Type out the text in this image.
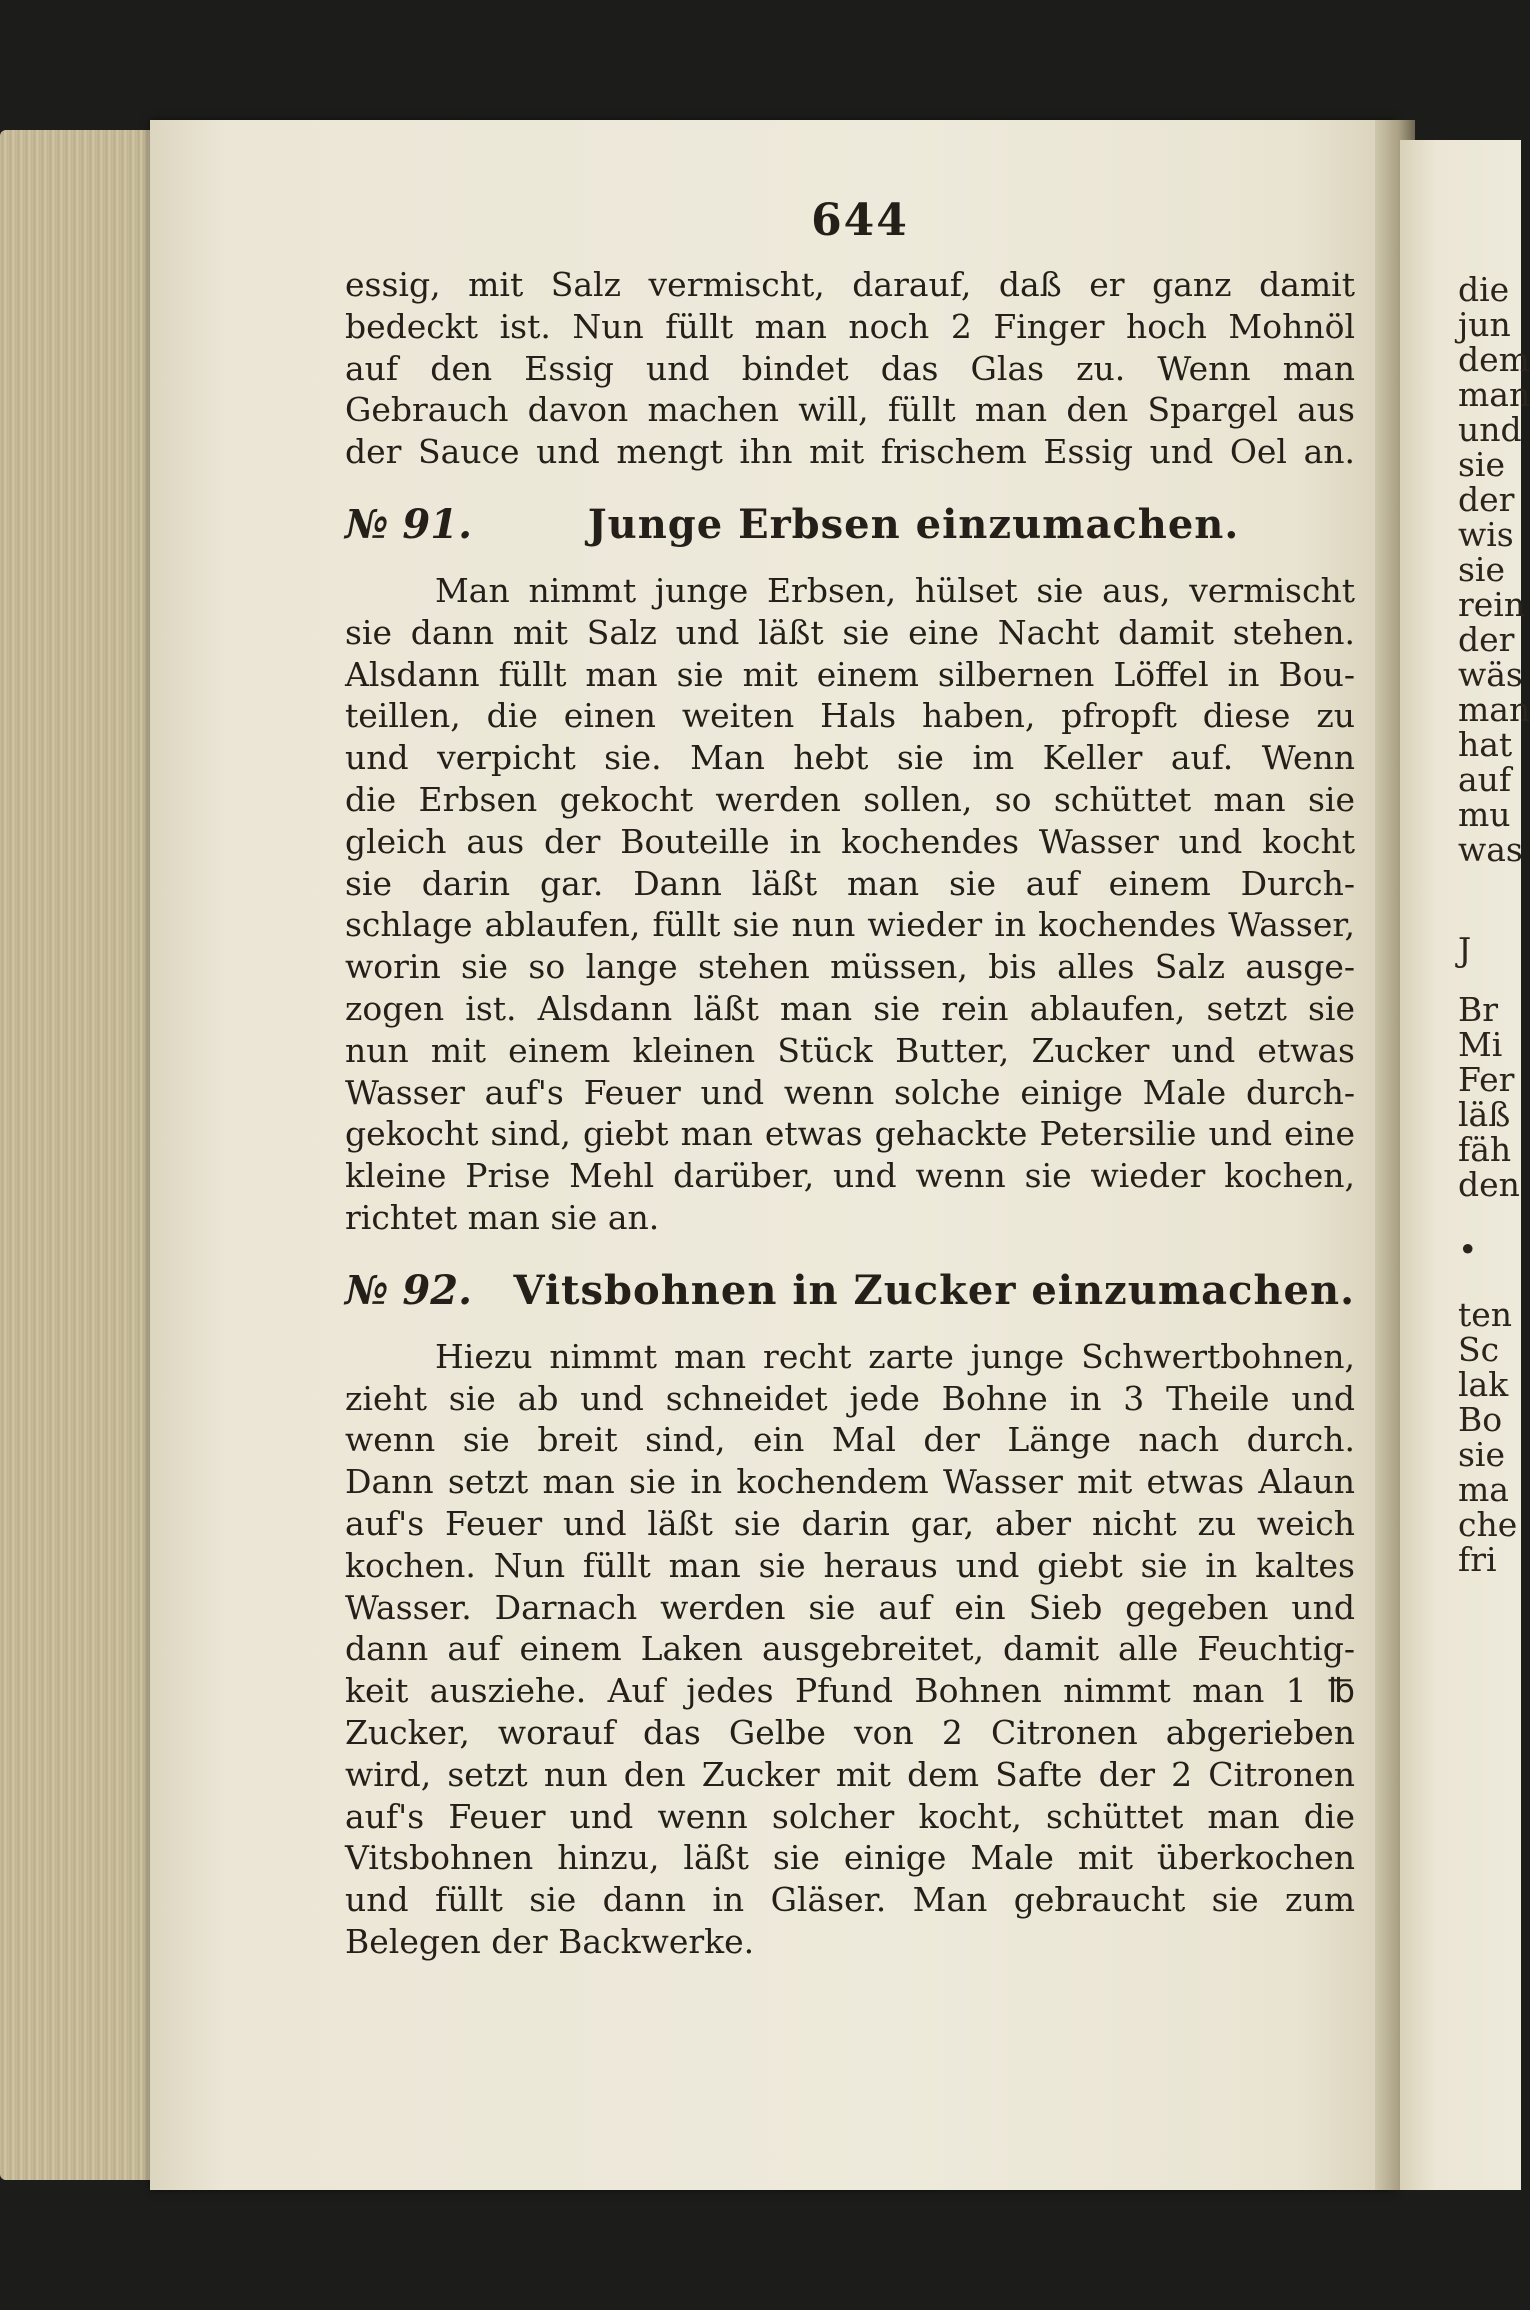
die
jun
dem
man
und
sie
der
wis
sie
rein
der
wäs
man
hat
auf
mu
was
J
Br
Mi
Fer
läß
fäh
den
•
ten
Sc
lak
Bo
sie
ma
che
fri
644

essig, mit Salz vermischt, darauf, daß er ganz damit

bedeckt ist. Nun füllt man noch 2 Finger hoch Mohnöl

auf den Essig und bindet das Glas zu. Wenn man

Gebrauch davon machen will, füllt man den Spargel aus

der Sauce und mengt ihn mit frischem Essig und Oel an.

№ 91.	Junge Erbsen einzumachen.

Man nimmt junge Erbsen, hülset sie aus, vermischt

sie dann mit Salz und läßt sie eine Nacht damit stehen.

Alsdann füllt man sie mit einem silbernen Löffel in Bou-

teillen, die einen weiten Hals haben, pfropft diese zu

und verpicht sie. Man hebt sie im Keller auf. Wenn

die Erbsen gekocht werden sollen, so schüttet man sie

gleich aus der Bouteille in kochendes Wasser und kocht

sie darin gar. Dann läßt man sie auf einem Durch-

schlage ablaufen, füllt sie nun wieder in kochendes Wasser,

worin sie so lange stehen müssen, bis alles Salz ausge-

zogen ist. Alsdann läßt man sie rein ablaufen, setzt sie

nun mit einem kleinen Stück Butter, Zucker und etwas

Wasser auf's Feuer und wenn solche einige Male durch-

gekocht sind, giebt man etwas gehackte Petersilie und eine

kleine Prise Mehl darüber, und wenn sie wieder kochen,

richtet man sie an.

№ 92.	Vitsbohnen in Zucker einzumachen.

Hiezu nimmt man recht zarte junge Schwertbohnen,

zieht sie ab und schneidet jede Bohne in 3 Theile und

wenn sie breit sind, ein Mal der Länge nach durch.

Dann setzt man sie in kochendem Wasser mit etwas Alaun

auf's Feuer und läßt sie darin gar, aber nicht zu weich

kochen. Nun füllt man sie heraus und giebt sie in kaltes

Wasser. Darnach werden sie auf ein Sieb gegeben und

dann auf einem Laken ausgebreitet, damit alle Feuchtig-

keit ausziehe. Auf jedes Pfund Bohnen nimmt man 1 ℔

Zucker, worauf das Gelbe von 2 Citronen abgerieben

wird, setzt nun den Zucker mit dem Safte der 2 Citronen

auf's Feuer und wenn solcher kocht, schüttet man die

Vitsbohnen hinzu, läßt sie einige Male mit überkochen

und füllt sie dann in Gläser. Man gebraucht sie zum

Belegen der Backwerke.
